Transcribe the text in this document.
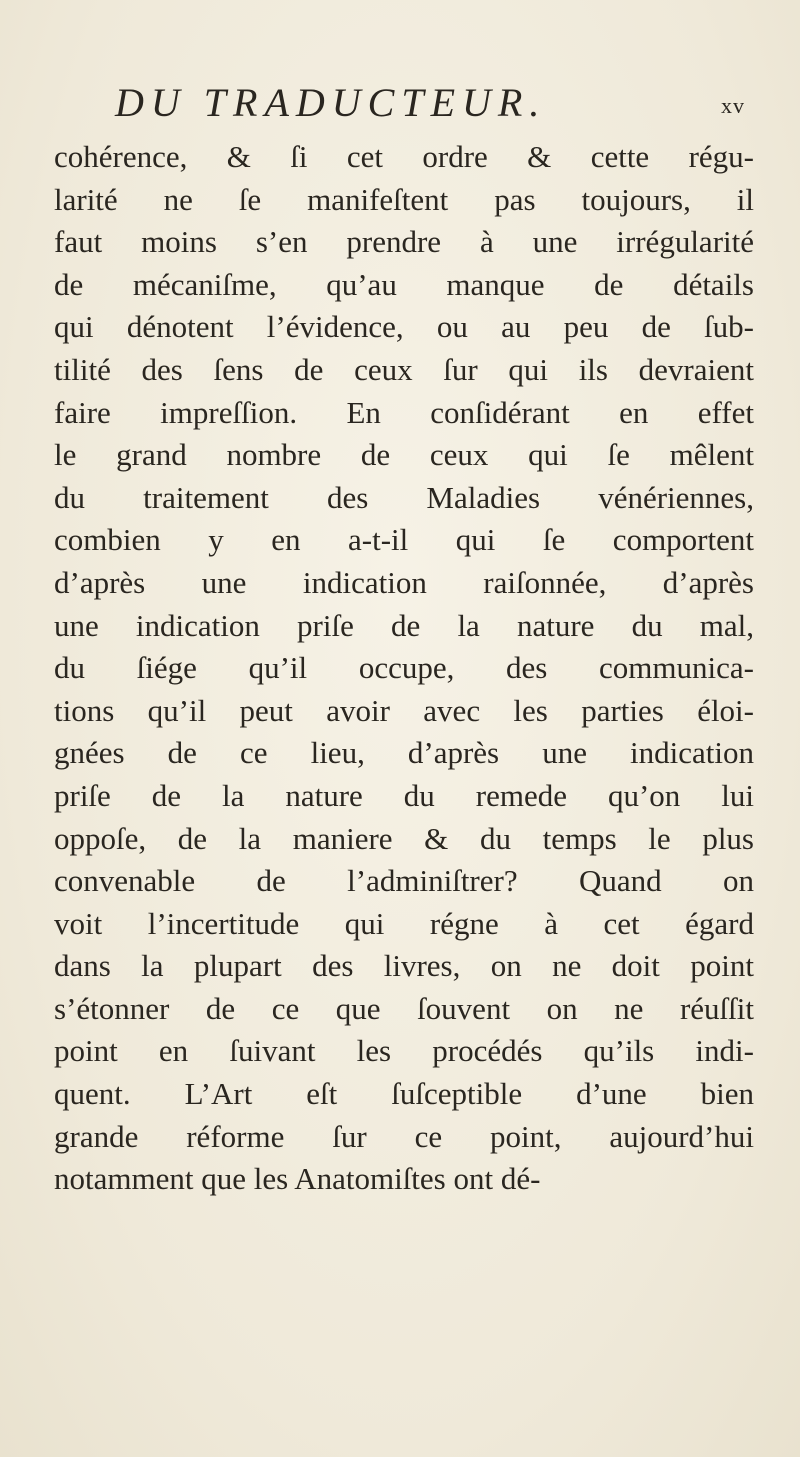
DU TRADUCTEUR.	xv
cohérence, & ſi cet ordre & cette régu-
larité ne ſe manifeſtent pas toujours, il
faut moins s’en prendre à une irrégularité
de mécaniſme, qu’au manque de détails
qui dénotent l’évidence, ou au peu de ſub-
tilité des ſens de ceux ſur qui ils devraient
faire impreſſion. En conſidérant en effet
le grand nombre de ceux qui ſe mêlent
du traitement des Maladies vénériennes,
combien y en a-t-il qui ſe comportent
d’après une indication raiſonnée, d’après
une indication priſe de la nature du mal,
du ſiége qu’il occupe, des communica-
tions qu’il peut avoir avec les parties éloi-
gnées de ce lieu, d’après une indication
priſe de la nature du remede qu’on lui
oppoſe, de la maniere & du temps le plus
convenable de l’adminiſtrer? Quand on
voit l’incertitude qui régne à cet égard
dans la plupart des livres, on ne doit point
s’étonner de ce que ſouvent on ne réuſſit
point en ſuivant les procédés qu’ils indi-
quent. L’Art eſt ſuſceptible d’une bien
grande réforme ſur ce point, aujourd’hui
notamment que les Anatomiſtes ont dé-
